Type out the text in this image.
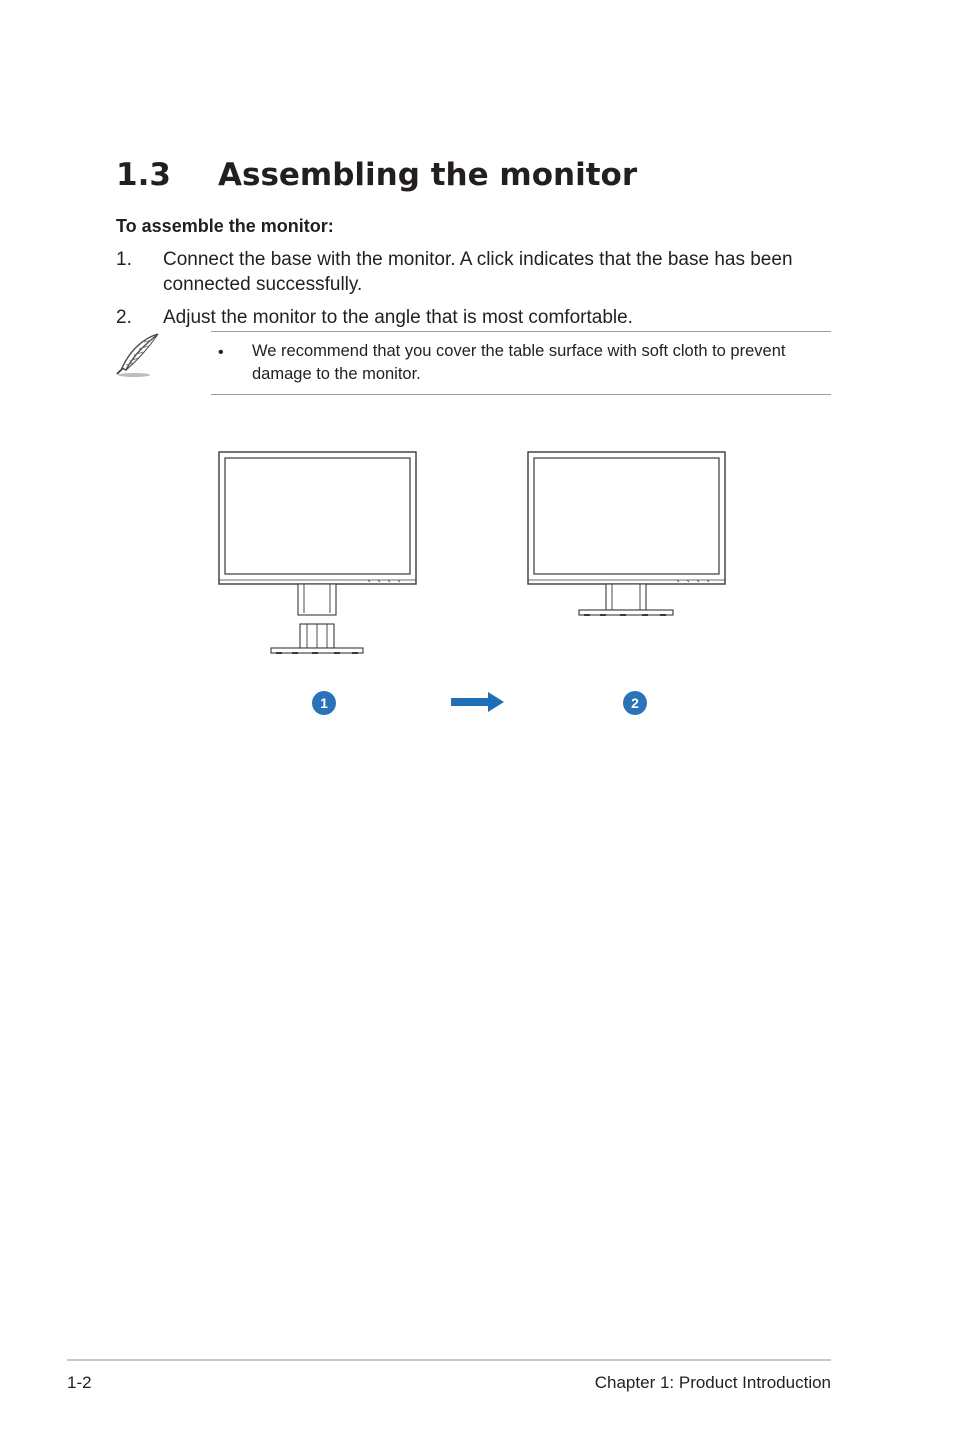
1.3 Assembling the monitor
To assemble the monitor:
1. Connect the base with the monitor. A click indicates that the base has been connected successfully.
2. Adjust the monitor to the angle that is most comfortable.
• We recommend that you cover the table surface with soft cloth to prevent damage to the monitor.
1	2
1-2	Chapter 1: Product Introduction
